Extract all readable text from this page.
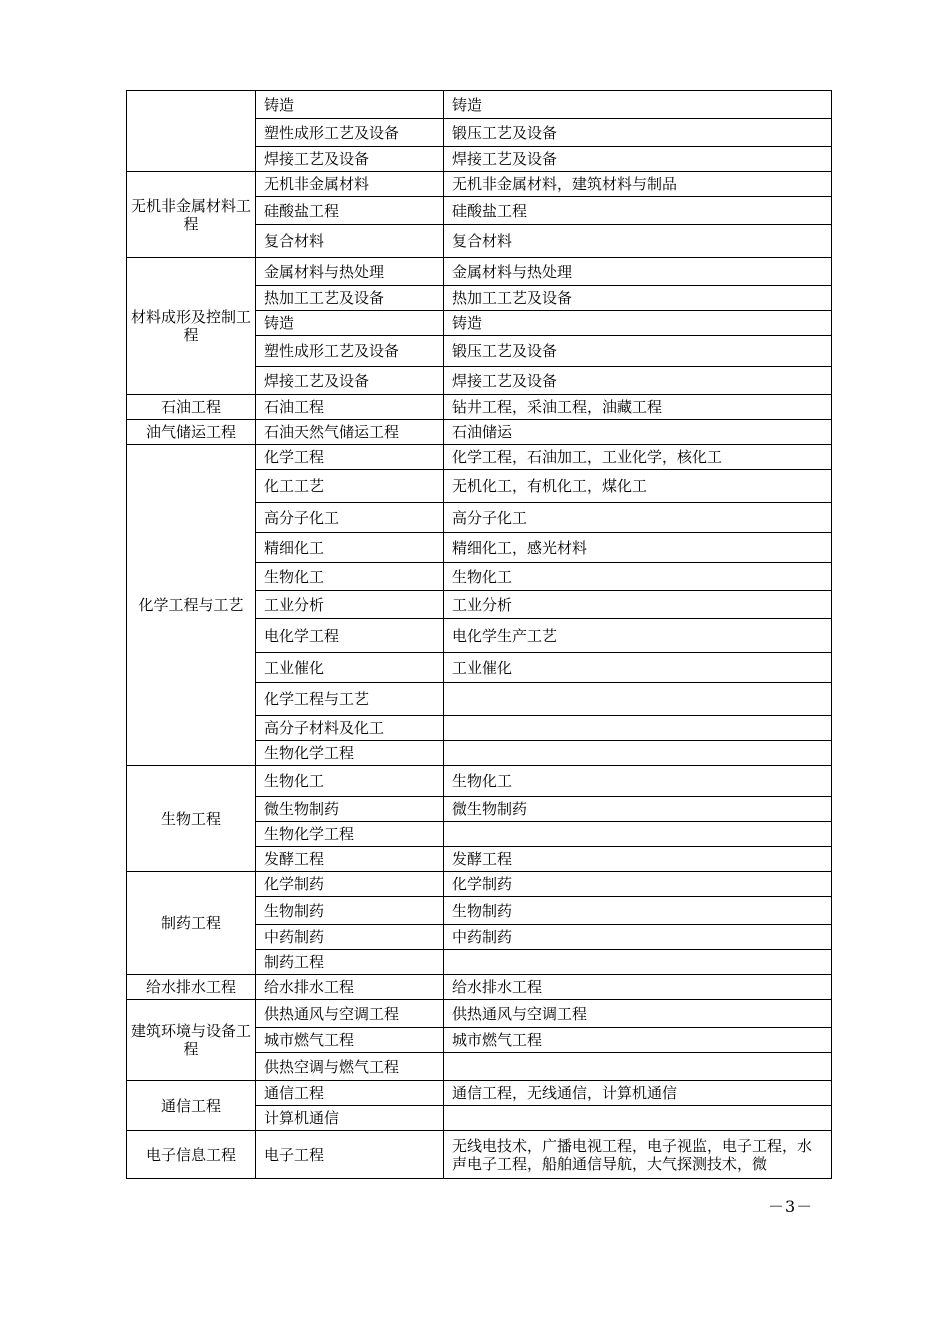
	铸造	铸造
	塑性成形工艺及设备	锻压工艺及设备
	焊接工艺及设备	焊接工艺及设备
无机非金属材料工程	无机非金属材料	无机非金属材料，建筑材料与制品
	硅酸盐工程	硅酸盐工程
	复合材料	复合材料
材料成形及控制工程	金属材料与热处理	金属材料与热处理
	热加工工艺及设备	热加工工艺及设备
	铸造	铸造
	塑性成形工艺及设备	锻压工艺及设备
	焊接工艺及设备	焊接工艺及设备
石油工程	石油工程	钻井工程，采油工程，油藏工程
油气储运工程	石油天然气储运工程	石油储运
化学工程与工艺	化学工程	化学工程，石油加工，工业化学，核化工
	化工工艺	无机化工，有机化工，煤化工
	高分子化工	高分子化工
	精细化工	精细化工，感光材料
	生物化工	生物化工
	工业分析	工业分析
	电化学工程	电化学生产工艺
	工业催化	工业催化
	化学工程与工艺	
	高分子材料及化工	
	生物化学工程	
生物工程	生物化工	生物化工
	微生物制药	微生物制药
	生物化学工程	
	发酵工程	发酵工程
制药工程	化学制药	化学制药
	生物制药	生物制药
	中药制药	中药制药
	制药工程	
给水排水工程	给水排水工程	给水排水工程
建筑环境与设备工程	供热通风与空调工程	供热通风与空调工程
	城市燃气工程	城市燃气工程
	供热空调与燃气工程	
通信工程	通信工程	通信工程，无线通信，计算机通信
	计算机通信	
电子信息工程	电子工程	无线电技术，广播电视工程，电子视监，电子工程，水声电子工程，船舶通信导航，大气探测技术，微
－3－
